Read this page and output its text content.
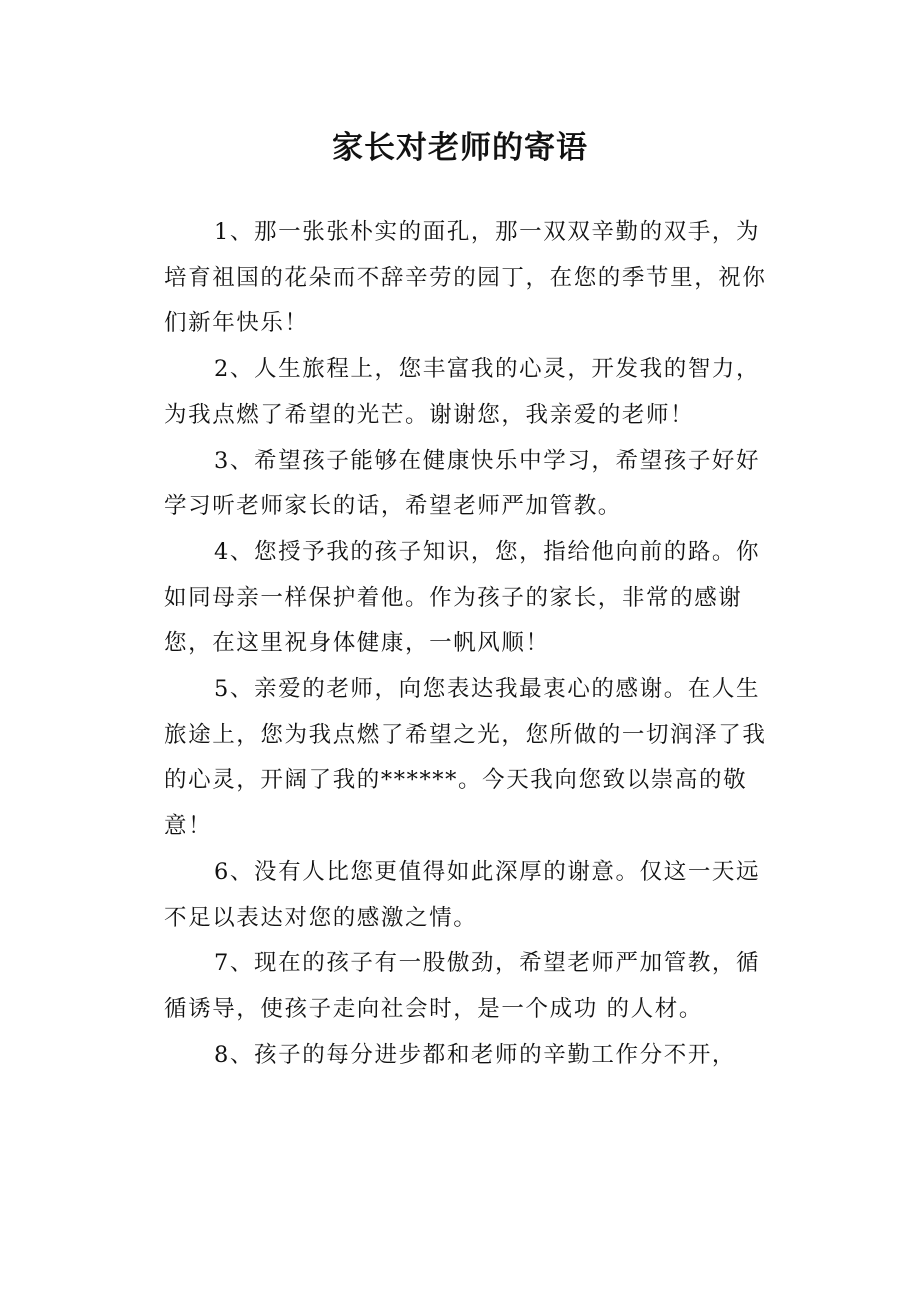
家长对老师的寄语

1、那一张张朴实的面孔，那一双双辛勤的双手，为培育祖国的花朵而不辞辛劳的园丁，在您的季节里，祝你们新年快乐！

2、人生旅程上，您丰富我的心灵，开发我的智力，为我点燃了希望的光芒。谢谢您，我亲爱的老师！

3、希望孩子能够在健康快乐中学习，希望孩子好好学习听老师家长的话，希望老师严加管教。

4、您授予我的孩子知识，您，指给他向前的路。你如同母亲一样保护着他。作为孩子的家长，非常的感谢您，在这里祝身体健康，一帆风顺！

5、亲爱的老师，向您表达我最衷心的感谢。在人生旅途上，您为我点燃了希望之光，您所做的一切润泽了我的心灵，开阔了我的******。今天我向您致以崇高的敬意！

6、没有人比您更值得如此深厚的谢意。仅这一天远不足以表达对您的感激之情。

7、现在的孩子有一股傲劲，希望老师严加管教，循循诱导，使孩子走向社会时，是一个成功 的人材。

8、孩子的每分进步都和老师的辛勤工作分不开，
